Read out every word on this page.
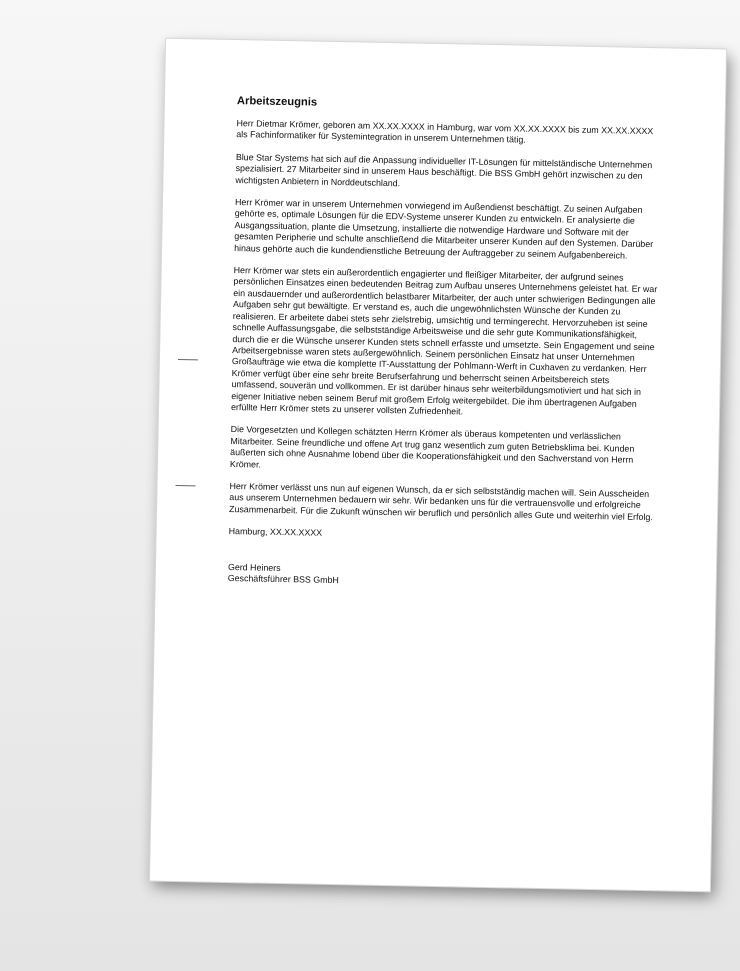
Arbeitszeugnis

Herr Dietmar Krömer, geboren am XX.XX.XXXX in Hamburg, war vom XX.XX.XXXX bis zum XX.XX.XXXX als Fachinformatiker für Systemintegration in unserem Unternehmen tätig.

Blue Star Systems hat sich auf die Anpassung individueller IT-Lösungen für mittelständische Unternehmen spezialisiert. 27 Mitarbeiter sind in unserem Haus beschäftigt. Die BSS GmbH gehört inzwischen zu den wichtigsten Anbietern in Norddeutschland.

Herr Krömer war in unserem Unternehmen vorwiegend im Außendienst beschäftigt. Zu seinen Aufgaben gehörte es, optimale Lösungen für die EDV-Systeme unserer Kunden zu entwickeln. Er analysierte die Ausgangssituation, plante die Umsetzung, installierte die notwendige Hardware und Software mit der gesamten Peripherie und schulte anschließend die Mitarbeiter unserer Kunden auf den Systemen. Darüber hinaus gehörte auch die kundendienstliche Betreuung der Auftraggeber zu seinem Aufgabenbereich.

Herr Krömer war stets ein außerordentlich engagierter und fleißiger Mitarbeiter, der aufgrund seines persönlichen Einsatzes einen bedeutenden Beitrag zum Aufbau unseres Unternehmens geleistet hat. Er war ein ausdauernder und außerordentlich belastbarer Mitarbeiter, der auch unter schwierigen Bedingungen alle Aufgaben sehr gut bewältigte. Er verstand es, auch die ungewöhnlichsten Wünsche der Kunden zu realisieren. Er arbeitete dabei stets sehr zielstrebig, umsichtig und termingerecht. Hervorzuheben ist seine schnelle Auffassungsgabe, die selbstständige Arbeitsweise und die sehr gute Kommunikationsfähigkeit, durch die er die Wünsche unserer Kunden stets schnell erfasste und umsetzte. Sein Engagement und seine Arbeitsergebnisse waren stets außergewöhnlich. Seinem persönlichen Einsatz hat unser Unternehmen Großaufträge wie etwa die komplette IT-Ausstattung der Pohlmann-Werft in Cuxhaven zu verdanken. Herr Krömer verfügt über eine sehr breite Berufserfahrung und beherrscht seinen Arbeitsbereich stets umfassend, souverän und vollkommen. Er ist darüber hinaus sehr weiterbildungsmotiviert und hat sich in eigener Initiative neben seinem Beruf mit großem Erfolg weitergebildet. Die ihm übertragenen Aufgaben erfüllte Herr Krömer stets zu unserer vollsten Zufriedenheit.

Die Vorgesetzten und Kollegen schätzten Herrn Krömer als überaus kompetenten und verlässlichen Mitarbeiter. Seine freundliche und offene Art trug ganz wesentlich zum guten Betriebsklima bei. Kunden äußerten sich ohne Ausnahme lobend über die Kooperationsfähigkeit und den Sachverstand von Herrn Krömer.

Herr Krömer verlässt uns nun auf eigenen Wunsch, da er sich selbstständig machen will. Sein Ausscheiden aus unserem Unternehmen bedauern wir sehr. Wir bedanken uns für die vertrauensvolle und erfolgreiche Zusammenarbeit. Für die Zukunft wünschen wir beruflich und persönlich alles Gute und weiterhin viel Erfolg.

Hamburg, XX.XX.XXXX

Gerd Heiners

Geschäftsführer BSS GmbH
